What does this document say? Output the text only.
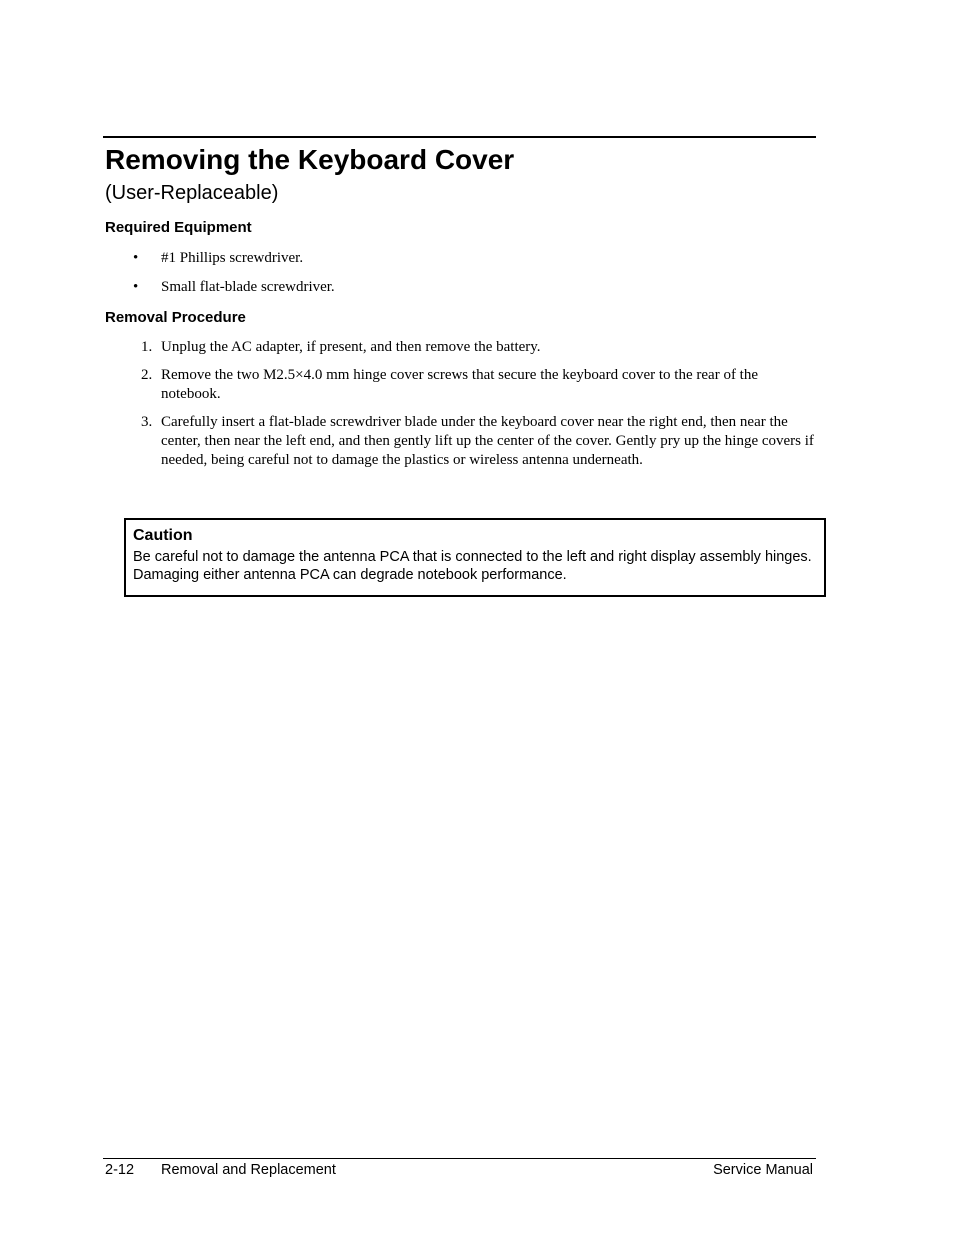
Removing the Keyboard Cover
(User-Replaceable)
Required Equipment
• #1 Phillips screwdriver.
• Small flat-blade screwdriver.
Removal Procedure
1. Unplug the AC adapter, if present, and then remove the battery.
2. Remove the two M2.5×4.0 mm hinge cover screws that secure the keyboard cover to the rear of the notebook.
3. Carefully insert a flat-blade screwdriver blade under the keyboard cover near the right end, then near the center, then near the left end, and then gently lift up the center of the cover. Gently pry up the hinge covers if needed, being careful not to damage the plastics or wireless antenna underneath.
Caution

Be careful not to damage the antenna PCA that is connected to the left and right display assembly hinges. Damaging either antenna PCA can degrade notebook performance.

2-12 Removal and Replacement	Service Manual
